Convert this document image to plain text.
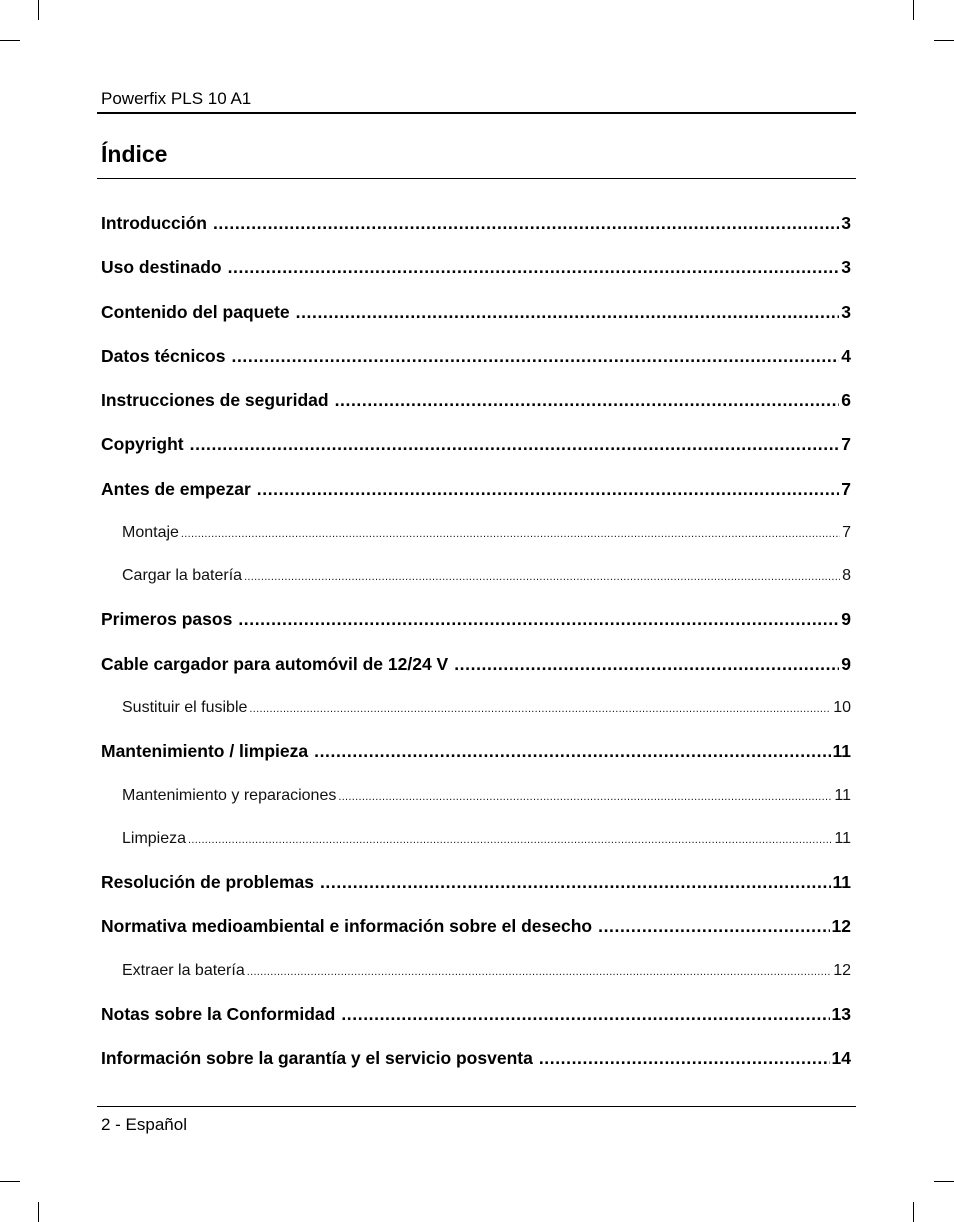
Powerfix PLS 10 A1
Índice
Introducción .....	3
Uso destinado .....	3
Contenido del paquete .....	3
Datos técnicos .....	4
Instrucciones de seguridad .....	6
Copyright .....	7
Antes de empezar .....	7
Montaje .....	7
Cargar la batería .....	8
Primeros pasos .....	9
Cable cargador para automóvil de 12/24 V .....	9
Sustituir el fusible .....	10
Mantenimiento / limpieza .....	11
Mantenimiento y reparaciones .....	11
Limpieza .....	11
Resolución de problemas .....	11
Normativa medioambiental e información sobre el desecho .....	12
Extraer la batería .....	12
Notas sobre la Conformidad .....	13
Información sobre la garantía y el servicio posventa .....	14
2 - Español
